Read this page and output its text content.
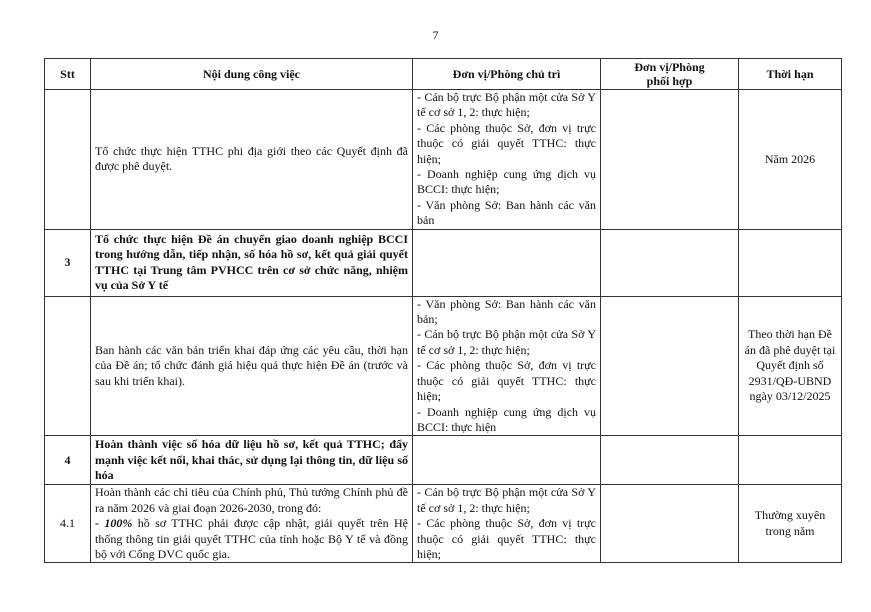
7
Stt	Nội dung công việc	Đơn vị/Phòng chủ trì	Đơn vị/Phòng
phối hợp	Thời hạn
	Tổ chức thực hiện TTHC phi địa giới theo các Quyết định đã được phê duyệt.	- Cán bộ trực Bộ phận một cửa Sở Y tế cơ sở 1, 2: thực hiện;
- Các phòng thuộc Sở, đơn vị trực thuộc có giải quyết TTHC: thực hiện;
- Doanh nghiệp cung ứng dịch vụ BCCI: thực hiện;
- Văn phòng Sở: Ban hành các văn bản		Năm 2026
3	Tổ chức thực hiện Đề án chuyển giao doanh nghiệp BCCI trong hướng dẫn, tiếp nhận, số hóa hồ sơ, kết quả giải quyết TTHC tại Trung tâm PVHCC trên cơ sở chức năng, nhiệm vụ của Sở Y tế			
	Ban hành các văn bản triển khai đáp ứng các yêu cầu, thời hạn của Đề án; tổ chức đánh giá hiệu quả thực hiện Đề án (trước và sau khi triển khai).	- Văn phòng Sở: Ban hành các văn bản;
- Cán bộ trực Bộ phận một cửa Sở Y tế cơ sở 1, 2: thực hiện;
- Các phòng thuộc Sở, đơn vị trực thuộc có giải quyết TTHC: thực hiện;
- Doanh nghiệp cung ứng dịch vụ BCCI: thực hiện		Theo thời hạn Đề án đã phê duyệt tại Quyết định số 2931/QĐ-UBND ngày 03/12/2025
4	Hoàn thành việc số hóa dữ liệu hồ sơ, kết quả TTHC; đẩy mạnh việc kết nối, khai thác, sử dụng lại thông tin, dữ liệu số hóa			
4.1	Hoàn thành các chỉ tiêu của Chính phủ, Thủ tướng Chính phủ đề ra năm 2026 và giai đoạn 2026-2030, trong đó:
- 100% hồ sơ TTHC phải được cập nhật, giải quyết trên Hệ thống thông tin giải quyết TTHC của tỉnh hoặc Bộ Y tế và đồng bộ với Cổng DVC quốc gia.	- Cán bộ trực Bộ phận một cửa Sở Y tế cơ sở 1, 2: thực hiện;
- Các phòng thuộc Sở, đơn vị trực thuộc có giải quyết TTHC: thực hiện;		Thường xuyên trong năm
